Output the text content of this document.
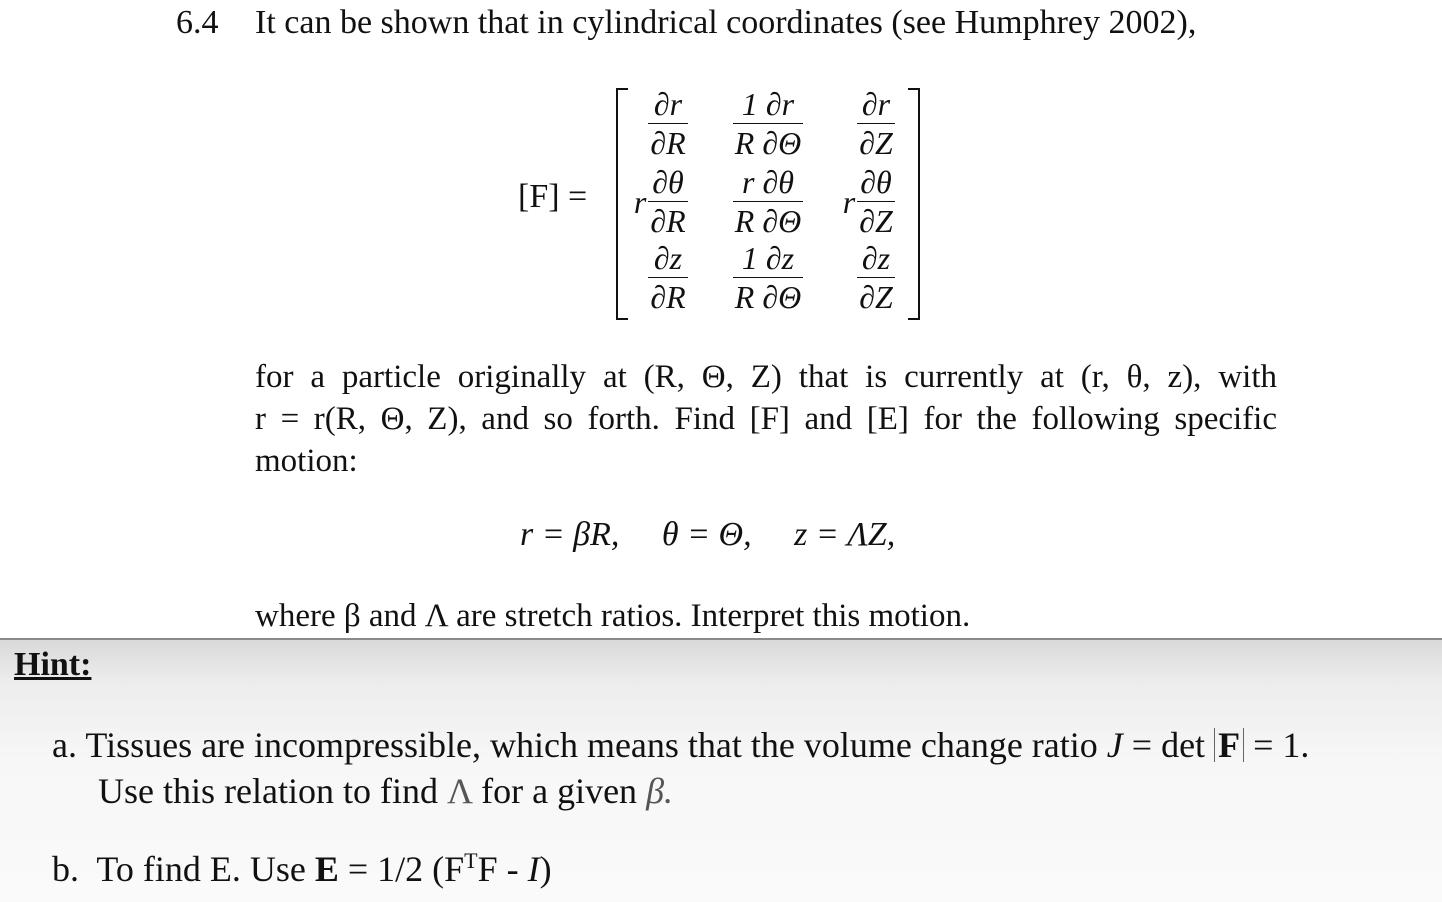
6.4 It can be shown that in cylindrical coordinates (see Humphrey 2002),
[F] =
∂r
∂R
1 ∂r
R ∂Θ
∂r
∂Z
∂θ
∂R
r
r ∂θ
R ∂Θ
∂θ
∂Z
r
∂z
∂R
1 ∂z
R ∂Θ
∂z
∂Z
for a particle originally at (R, Θ, Z) that is currently at (r, θ, z), with
r = r(R, Θ, Z), and so forth. Find [F] and [E] for the following specific
motion:
r = βR, θ = Θ, z = ΛZ,
where β and Λ are stretch ratios. Interpret this motion.
Hint:
a. Tissues are incompressible, which means that the volume change ratio J = det F = 1.
Use this relation to find Λ for a given β.
b. To find E. Use E = 1/2 $(F^TF - I)$
